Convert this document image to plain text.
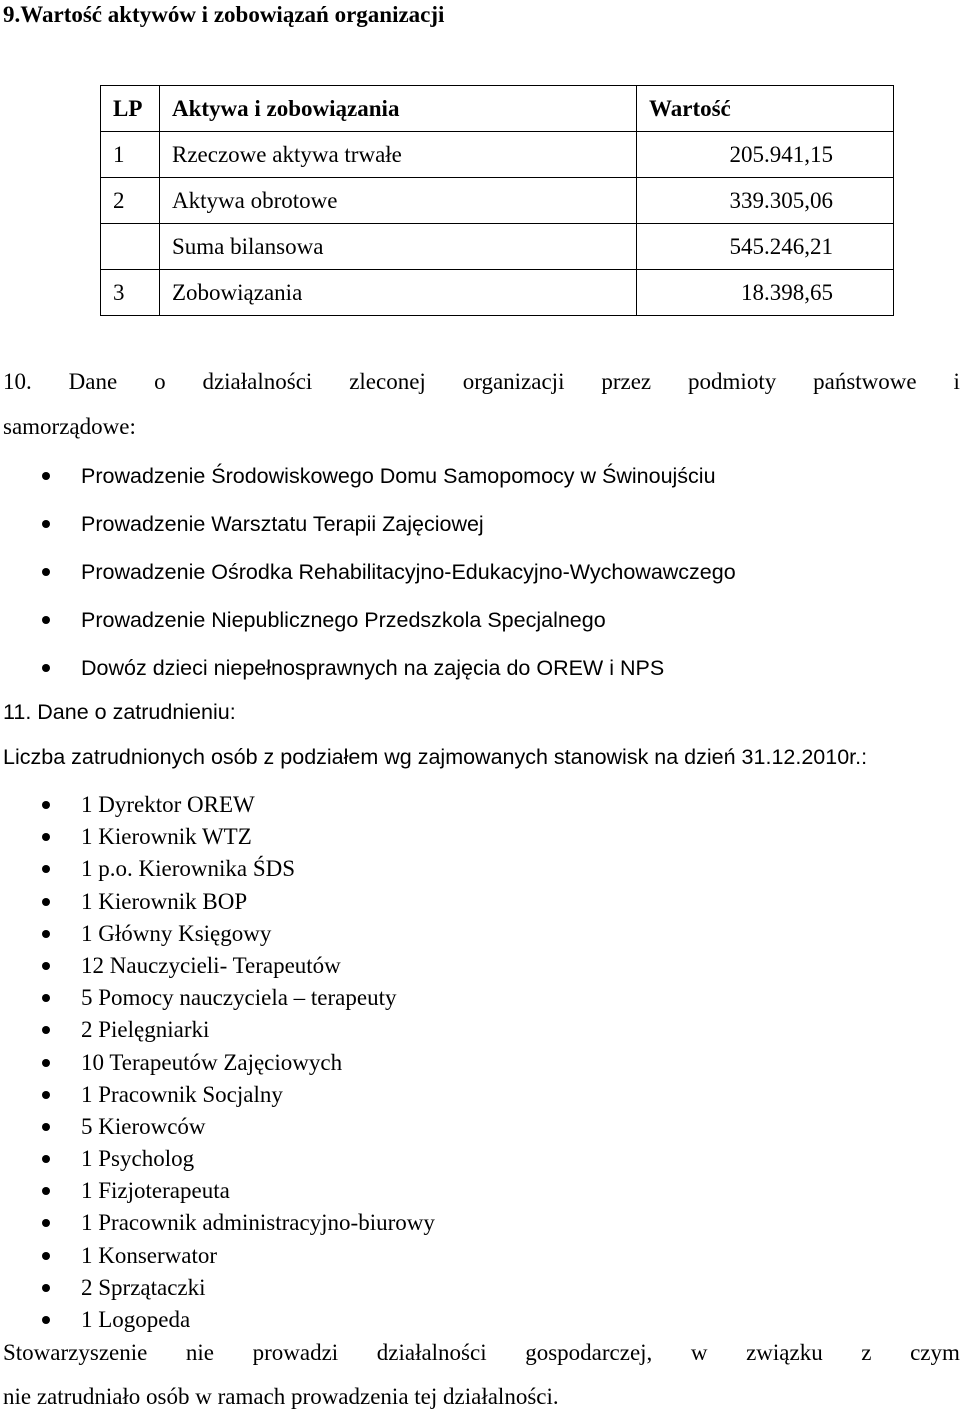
9.Wartość aktywów i zobowiązań organizacji
LP	Aktywa i zobowiązania	Wartość
1	Rzeczowe aktywa trwałe	205.941,15
2	Aktywa obrotowe	339.305,06
	Suma bilansowa	545.246,21
3	Zobowiązania	18.398,65
10. Dane o działalności zleconej organizacji przez podmioty państwowe i
samorządowe:
Prowadzenie Środowiskowego Domu Samopomocy w Świnoujściu
Prowadzenie Warsztatu Terapii Zajęciowej
Prowadzenie Ośrodka Rehabilitacyjno-Edukacyjno-Wychowawczego
Prowadzenie Niepublicznego Przedszkola Specjalnego
Dowóz dzieci niepełnosprawnych na zajęcia do OREW i NPS
11. Dane o zatrudnieniu:
Liczba zatrudnionych osób z podziałem wg zajmowanych stanowisk na dzień 31.12.2010r.:
1 Dyrektor OREW
1 Kierownik WTZ
1 p.o. Kierownika ŚDS
1 Kierownik BOP
1 Główny Księgowy
12 Nauczycieli- Terapeutów
5 Pomocy nauczyciela – terapeuty
2 Pielęgniarki
10 Terapeutów Zajęciowych
1 Pracownik Socjalny
5 Kierowców
1 Psycholog
1 Fizjoterapeuta
1 Pracownik administracyjno-biurowy
1 Konserwator
2 Sprzątaczki
1 Logopeda
Stowarzyszenie nie prowadzi działalności gospodarczej, w związku z czym
nie zatrudniało osób w ramach prowadzenia tej działalności.
